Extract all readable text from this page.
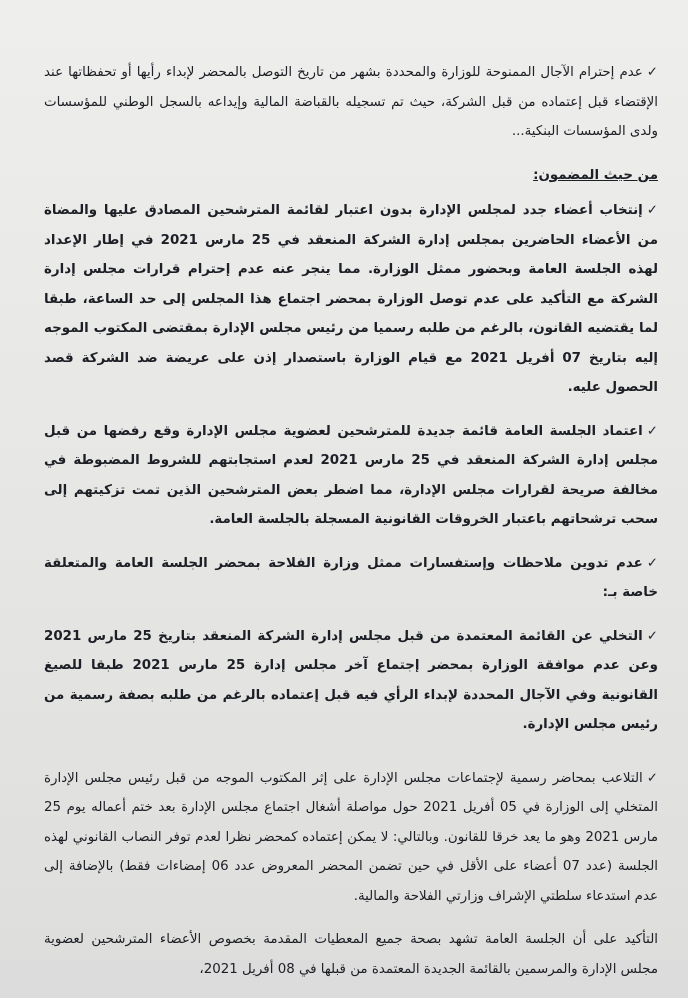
✓عدم إحترام الآجال الممنوحة للوزارة والمحددة بشهر من تاريخ التوصل بالمحضر لإبداء رأيها أو تحفظاتها عند الإقتضاء قبل إعتماده من قبل الشركة، حيث تم تسجيله بالقباضة المالية وإيداعه بالسجل الوطني للمؤسسات ولدى المؤسسات البنكية...

من حيث المضمون:

✓إنتخاب أعضاء جدد لمجلس الإدارة بدون اعتبار لقائمة المترشحين المصادق عليها والمضاة من الأعضاء الحاضرين بمجلس إدارة الشركة المنعقد في 25 مارس 2021 في إطار الإعداد لهذه الجلسة العامة وبحضور ممثل الوزارة. مما ينجر عنه عدم إحترام قرارات مجلس إدارة الشركة مع التأكيد على عدم توصل الوزارة بمحضر اجتماع هذا المجلس إلى حد الساعة، طبقا لما يقتضيه القانون، بالرغم من طلبه رسميا من رئيس مجلس الإدارة بمقتضى المكتوب الموجه إليه بتاريخ 07 أفريل 2021 مع قيام الوزارة باستصدار إذن على عريضة ضد الشركة قصد الحصول عليه.

✓اعتماد الجلسة العامة قائمة جديدة للمترشحين لعضوية مجلس الإدارة وقع رفضها من قبل مجلس إدارة الشركة المنعقد في 25 مارس 2021 لعدم استجابتهم للشروط المضبوطة في مخالفة صريحة لقرارات مجلس الإدارة، مما اضطر بعض المترشحين الذين تمت تزكيتهم إلى سحب ترشحاتهم باعتبار الخروقات القانونية المسجلة بالجلسة العامة.

✓عدم تدوين ملاحظات وإستفسارات ممثل وزارة الفلاحة بمحضر الجلسة العامة والمتعلقة خاصة بـ:

✓التخلي عن القائمة المعتمدة من قبل مجلس إدارة الشركة المنعقد بتاريخ 25 مارس 2021 وعن عدم موافقة الوزارة بمحضر إجتماع آخر مجلس إدارة 25 مارس 2021 طبقا للصيغ القانونية وفي الآجال المحددة لإبداء الرأي فيه قبل إعتماده بالرغم من طلبه بصفة رسمية من رئيس مجلس الإدارة.

✓التلاعب بمحاضر رسمية لإجتماعات مجلس الإدارة على إثر المكتوب الموجه من قبل رئيس مجلس الإدارة المتخلي إلى الوزارة في 05 أفريل 2021 حول مواصلة أشغال اجتماع مجلس الإدارة بعد ختم أعماله يوم 25 مارس 2021 وهو ما يعد خرقا للقانون. وبالتالي: لا يمكن إعتماده كمحضر نظرا لعدم توفر النصاب القانوني لهذه الجلسة (عدد 07 أعضاء على الأقل في حين تضمن المحضر المعروض عدد 06 إمضاءات فقط) بالإضافة إلى عدم استدعاء سلطتي الإشراف وزارتي الفلاحة والمالية.

التأكيد على أن الجلسة العامة تشهد بصحة جميع المعطيات المقدمة بخصوص الأعضاء المترشحين لعضوية مجلس الإدارة والمرسمين بالقائمة الجديدة المعتمدة من قبلها في 08 أفريل 2021،
